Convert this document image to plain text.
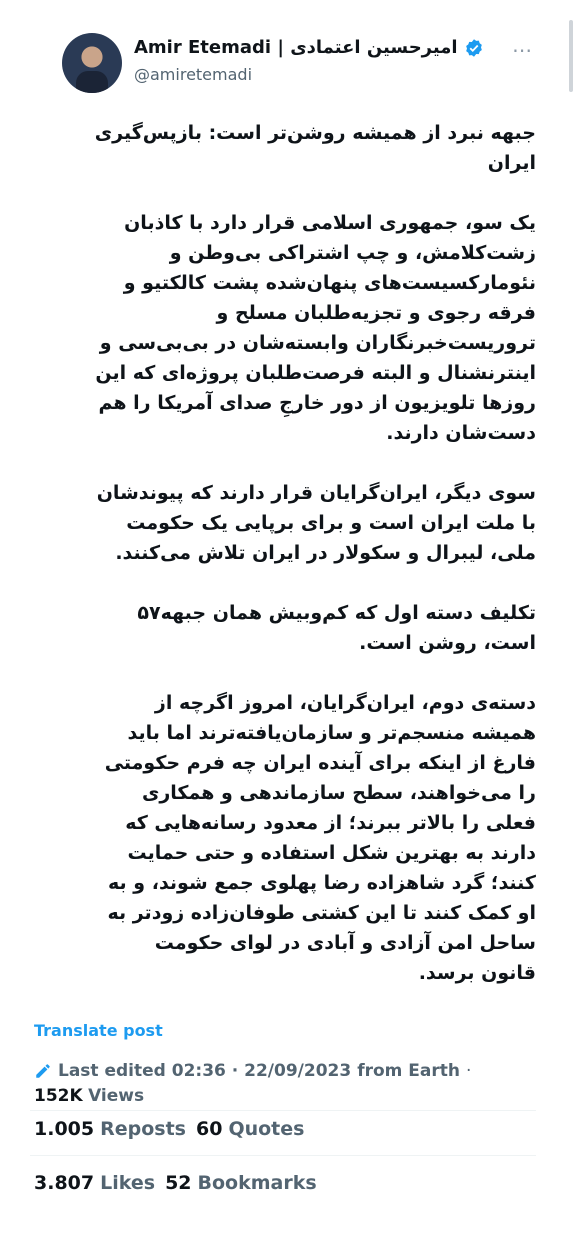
Amir Etemadi | امیرحسین اعتمادی
@amiretemadi
⋯

جبهه نبرد از همیشه روشن‌تر است: بازپس‌گیری
ایران

یک سو، جمهوری اسلامی قرار دارد با کاذبان
زشت‌کلامش، و چپ اشتراکی بی‌وطن و
نئومارکسیست‌های پنهان‌شده پشت کالکتیو و
فرقه رجوی و تجزیه‌طلبان مسلح و
تروریست‌خبرنگاران وابسته‌شان در بی‌بی‌سی و
اینترنشنال و البته فرصت‌طلبان پروژه‌ای که این
روزها تلویزیون از دور خارجِ صدای آمریکا را هم
دست‌شان دارند.

سوی دیگر، ایران‌گرایان قرار دارند که پیوندشان
با ملت ایران است و برای برپایی یک حکومت
ملی، لیبرال و سکولار در ایران تلاش می‌کنند.

تکلیف دسته اول که کم‌وبیش همان جبهه۵۷
است، روشن است.

دسته‌ی دوم، ایران‌گرایان، امروز اگرچه از
همیشه منسجم‌تر و سازمان‌یافته‌ترند اما باید
فارغ از اینکه برای آینده ایران چه فرم حکومتی
را می‌خواهند، سطح سازماندهی و همکاری
فعلی را بالاتر ببرند؛ از معدود رسانه‌هایی که
دارند به بهترین شکل استفاده و حتی حمایت
کنند؛ گرد شاهزاده رضا پهلوی جمع شوند، و به
او کمک کنند تا این کشتی طوفان‌زاده زودتر به
ساحل امن آزادی و آبادی در لوای حکومت
قانون برسد.

Translate post
Last edited 02:36 · 22/09/2023 from Earth ·
152K Views
1.005 Reposts 60 Quotes
3.807 Likes 52 Bookmarks
